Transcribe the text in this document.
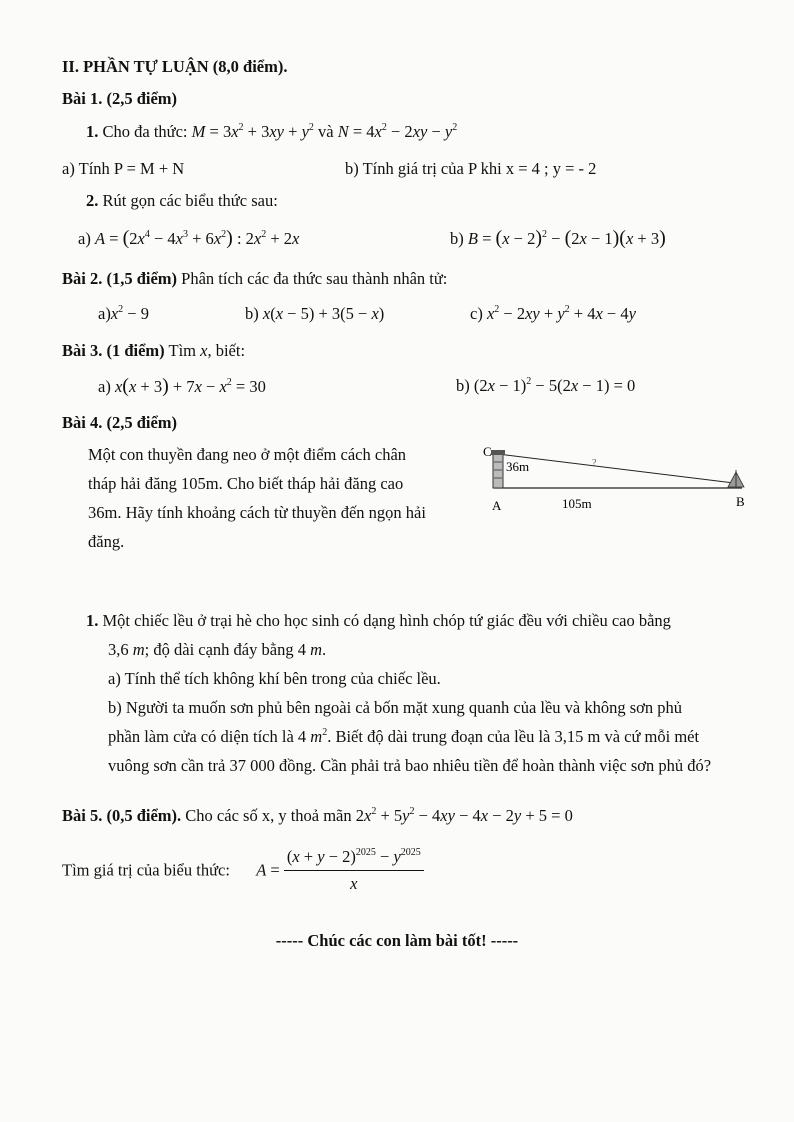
II. PHẦN TỰ LUẬN (8,0 điểm).
Bài 1. (2,5 điểm)
1. Cho đa thức: $M = 3x^2 + 3xy + y^2$ và $N = 4x^2 - 2xy - y^2$
a) Tính P = M + N	b) Tính giá trị của P khi x = 4 ; y = - 2
2. Rút gọn các biểu thức sau:
a) $A = (2x^4 - 4x^3 + 6x^2)$ : $2x^2 + 2x$	b) $B = (x - 2)^2 - (2x - 1)(x + 3)$
Bài 2. (1,5 điểm) Phân tích các đa thức sau thành nhân tử:
$a)x^2 - 9$	b) x(x − 5) + 3(5 − x)	c) $x^2 - 2xy + y^2 + 4x - 4y$
Bài 3. (1 điểm) Tìm x, biết:
a) $x(x + 3) + 7x - x^2 = 30$	b) $(2x - 1)^2 - 5(2x - 1) = 0$
Bài 4. (2,5 điểm)
Một con thuyền đang neo ở một điểm cách chân
tháp hải đăng 105m. Cho biết tháp hải đăng cao
36m. Hãy tính khoảng cách từ thuyền đến ngọn hải
đăng.
C
36m	?
A	105m	B
1. Một chiếc lều ở trại hè cho học sinh có dạng hình chóp tứ giác đều với chiều cao bằng
3,6 m; độ dài cạnh đáy bằng 4 m.
a) Tính thể tích không khí bên trong của chiếc lều.
b) Người ta muốn sơn phủ bên ngoài cả bốn mặt xung quanh của lều và không sơn phủ
phần làm cửa có diện tích là 4 $m^2$. Biết độ dài trung đoạn của lều là 3,15 m và cứ mỗi mét
vuông sơn cần trả 37 000 đồng. Cần phải trả bao nhiêu tiền để hoàn thành việc sơn phủ đó?
Bài 5. (0,5 điểm). Cho các số x, y thoả mãn $2x^2 + 5y^2 - 4xy - 4x - 2y + 5 = 0$
Tìm giá trị của biểu thức: $A = \frac{(x + y - 2)^{2025} - y^{2025}}{x}$
----- Chúc các con làm bài tốt! -----
